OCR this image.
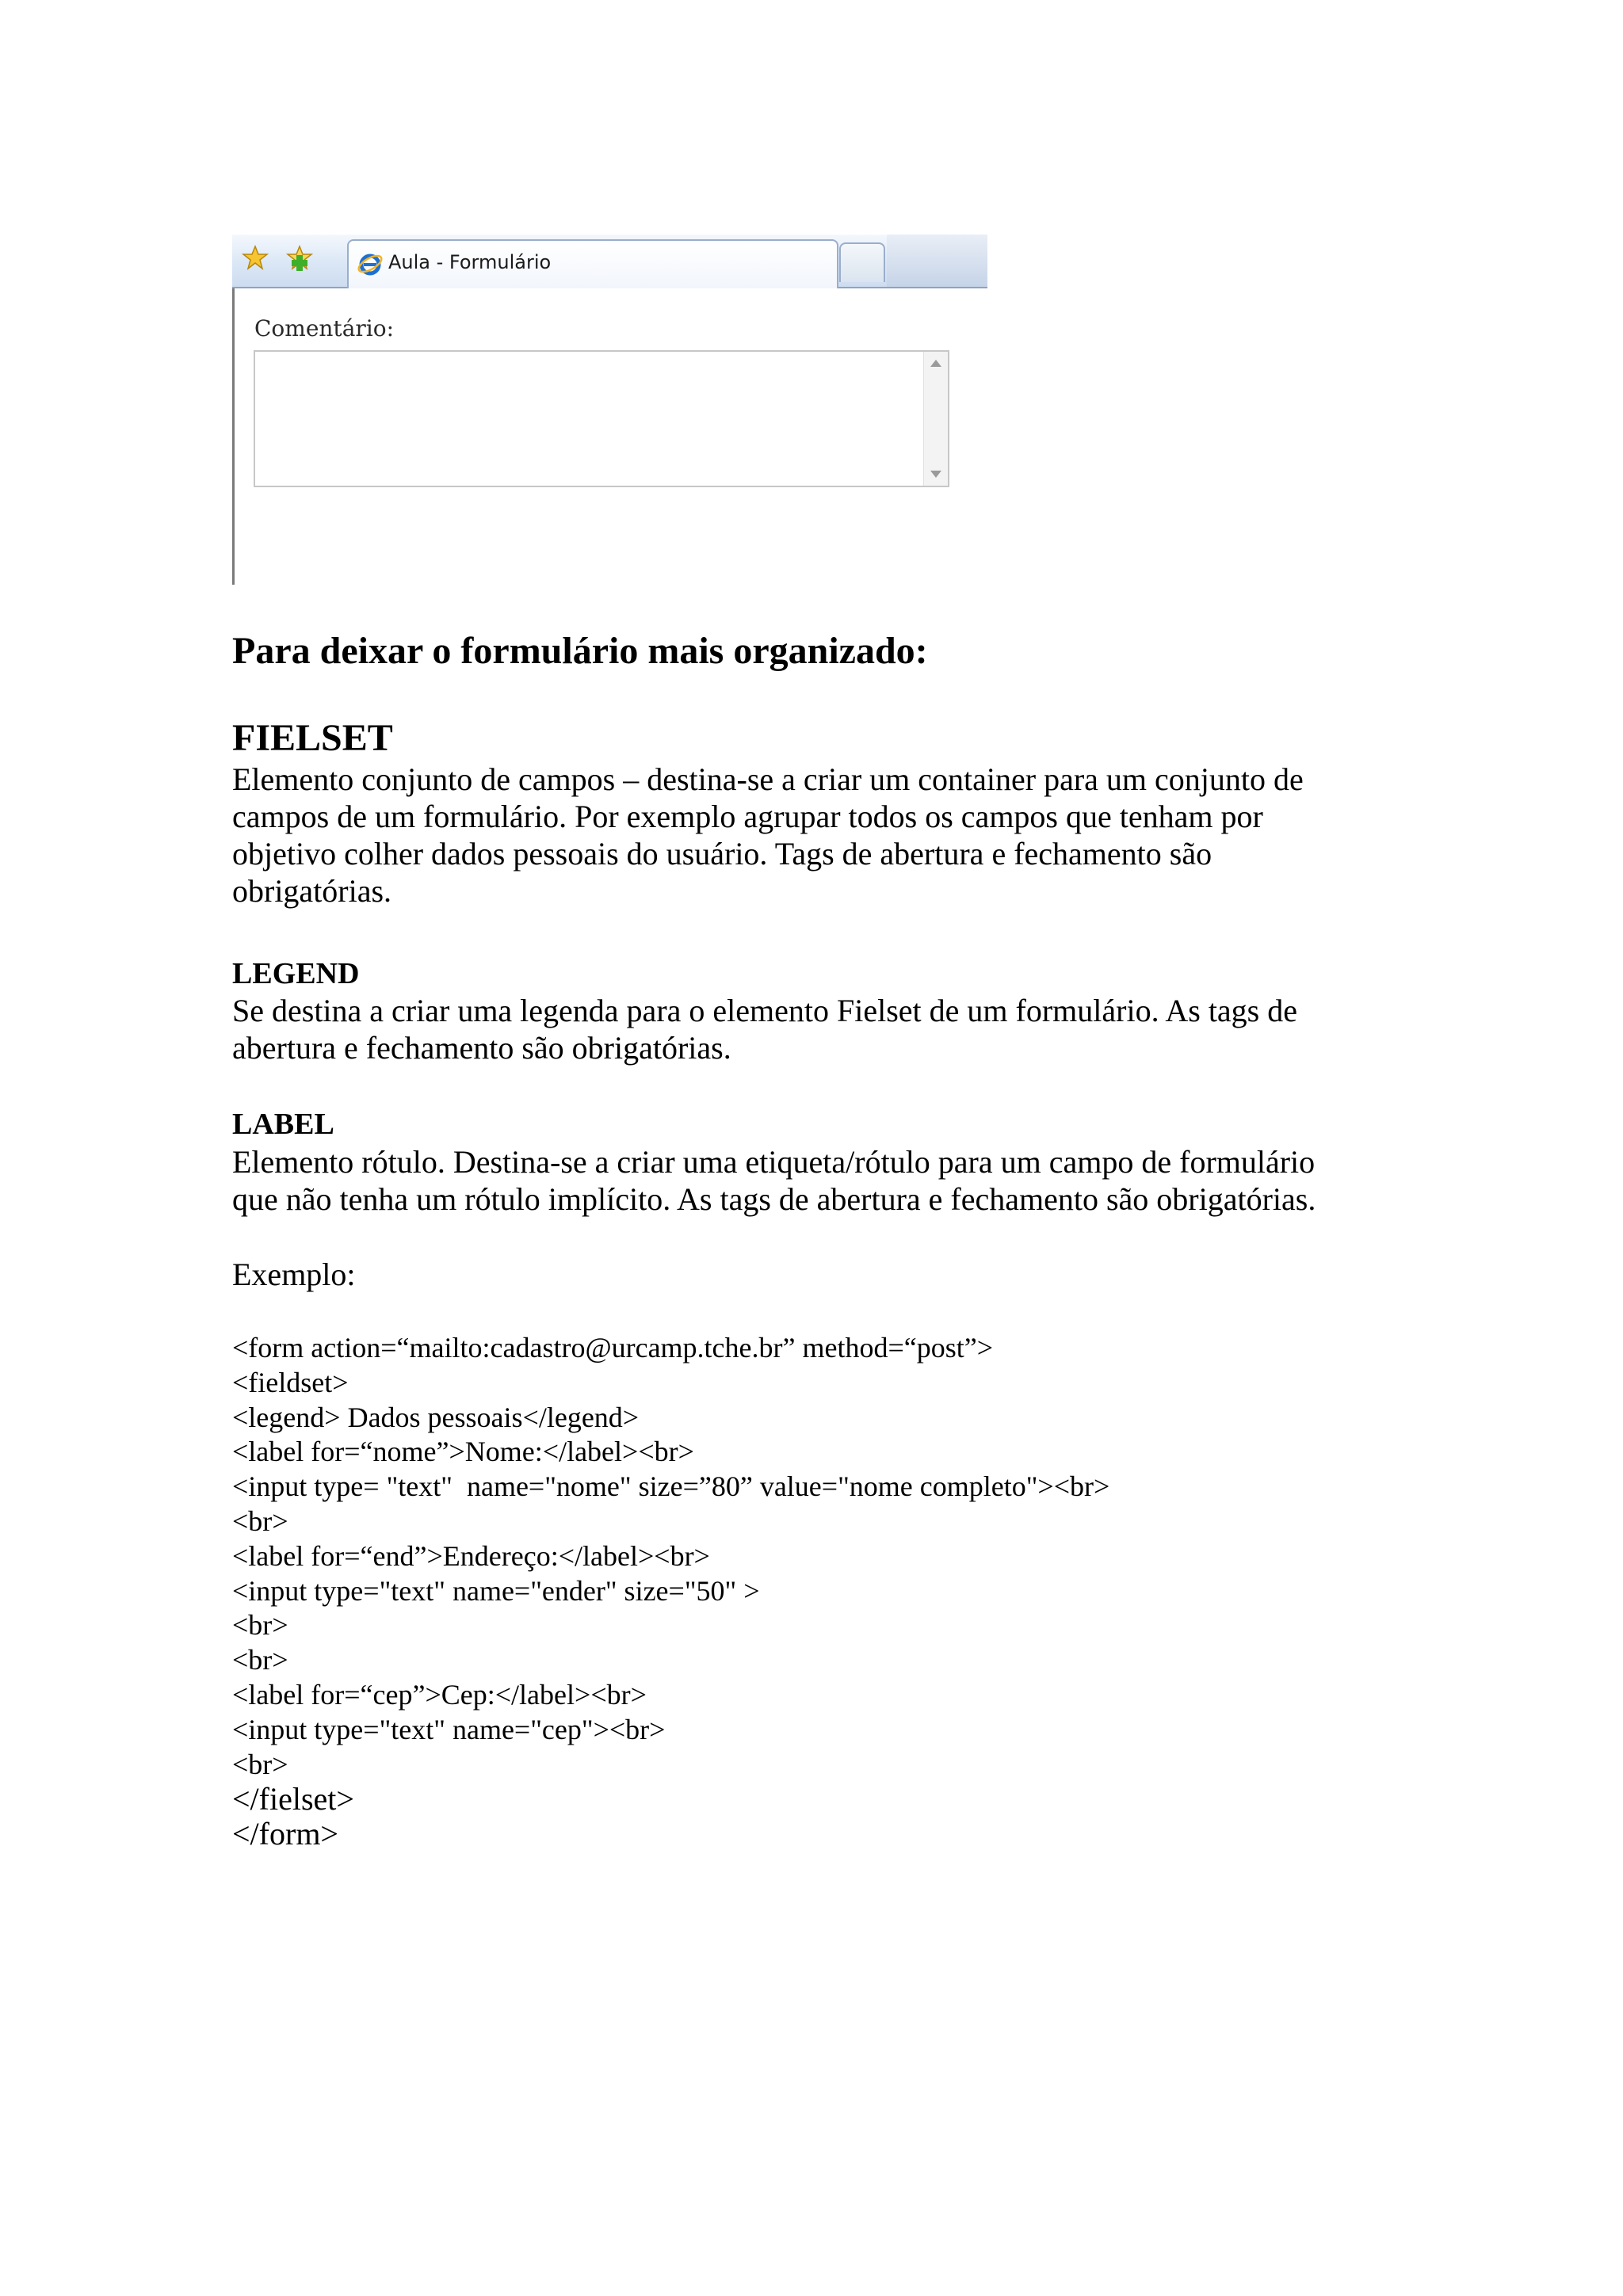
Aula - Formulário
Comentário:
Para deixar o formulário mais organizado:
FIELSET
Elemento conjunto de campos – destina-se a criar um container para um conjunto de
campos de um formulário. Por exemplo agrupar todos os campos que tenham por
objetivo colher dados pessoais do usuário. Tags de abertura e fechamento são
obrigatórias.
LEGEND
Se destina a criar uma legenda para o elemento Fielset de um formulário. As tags de
abertura e fechamento são obrigatórias.
LABEL
Elemento rótulo. Destina-se a criar uma etiqueta/rótulo para um campo de formulário
que não tenha um rótulo implícito. As tags de abertura e fechamento são obrigatórias.
Exemplo:
<form action=“mailto:cadastro@urcamp.tche.br” method=“post”>
<fieldset>
<legend> Dados pessoais</legend>
<label for=“nome”>Nome:</label><br>
<input type= "text"  name="nome" size=”80” value="nome completo"><br>
<br>
<label for=“end”>Endereço:</label><br>
<input type="text" name="ender" size="50" >
<br>
<br>
<label for=“cep”>Cep:</label><br>
<input type="text" name="cep"><br>
<br>
</fielset>
</form>
